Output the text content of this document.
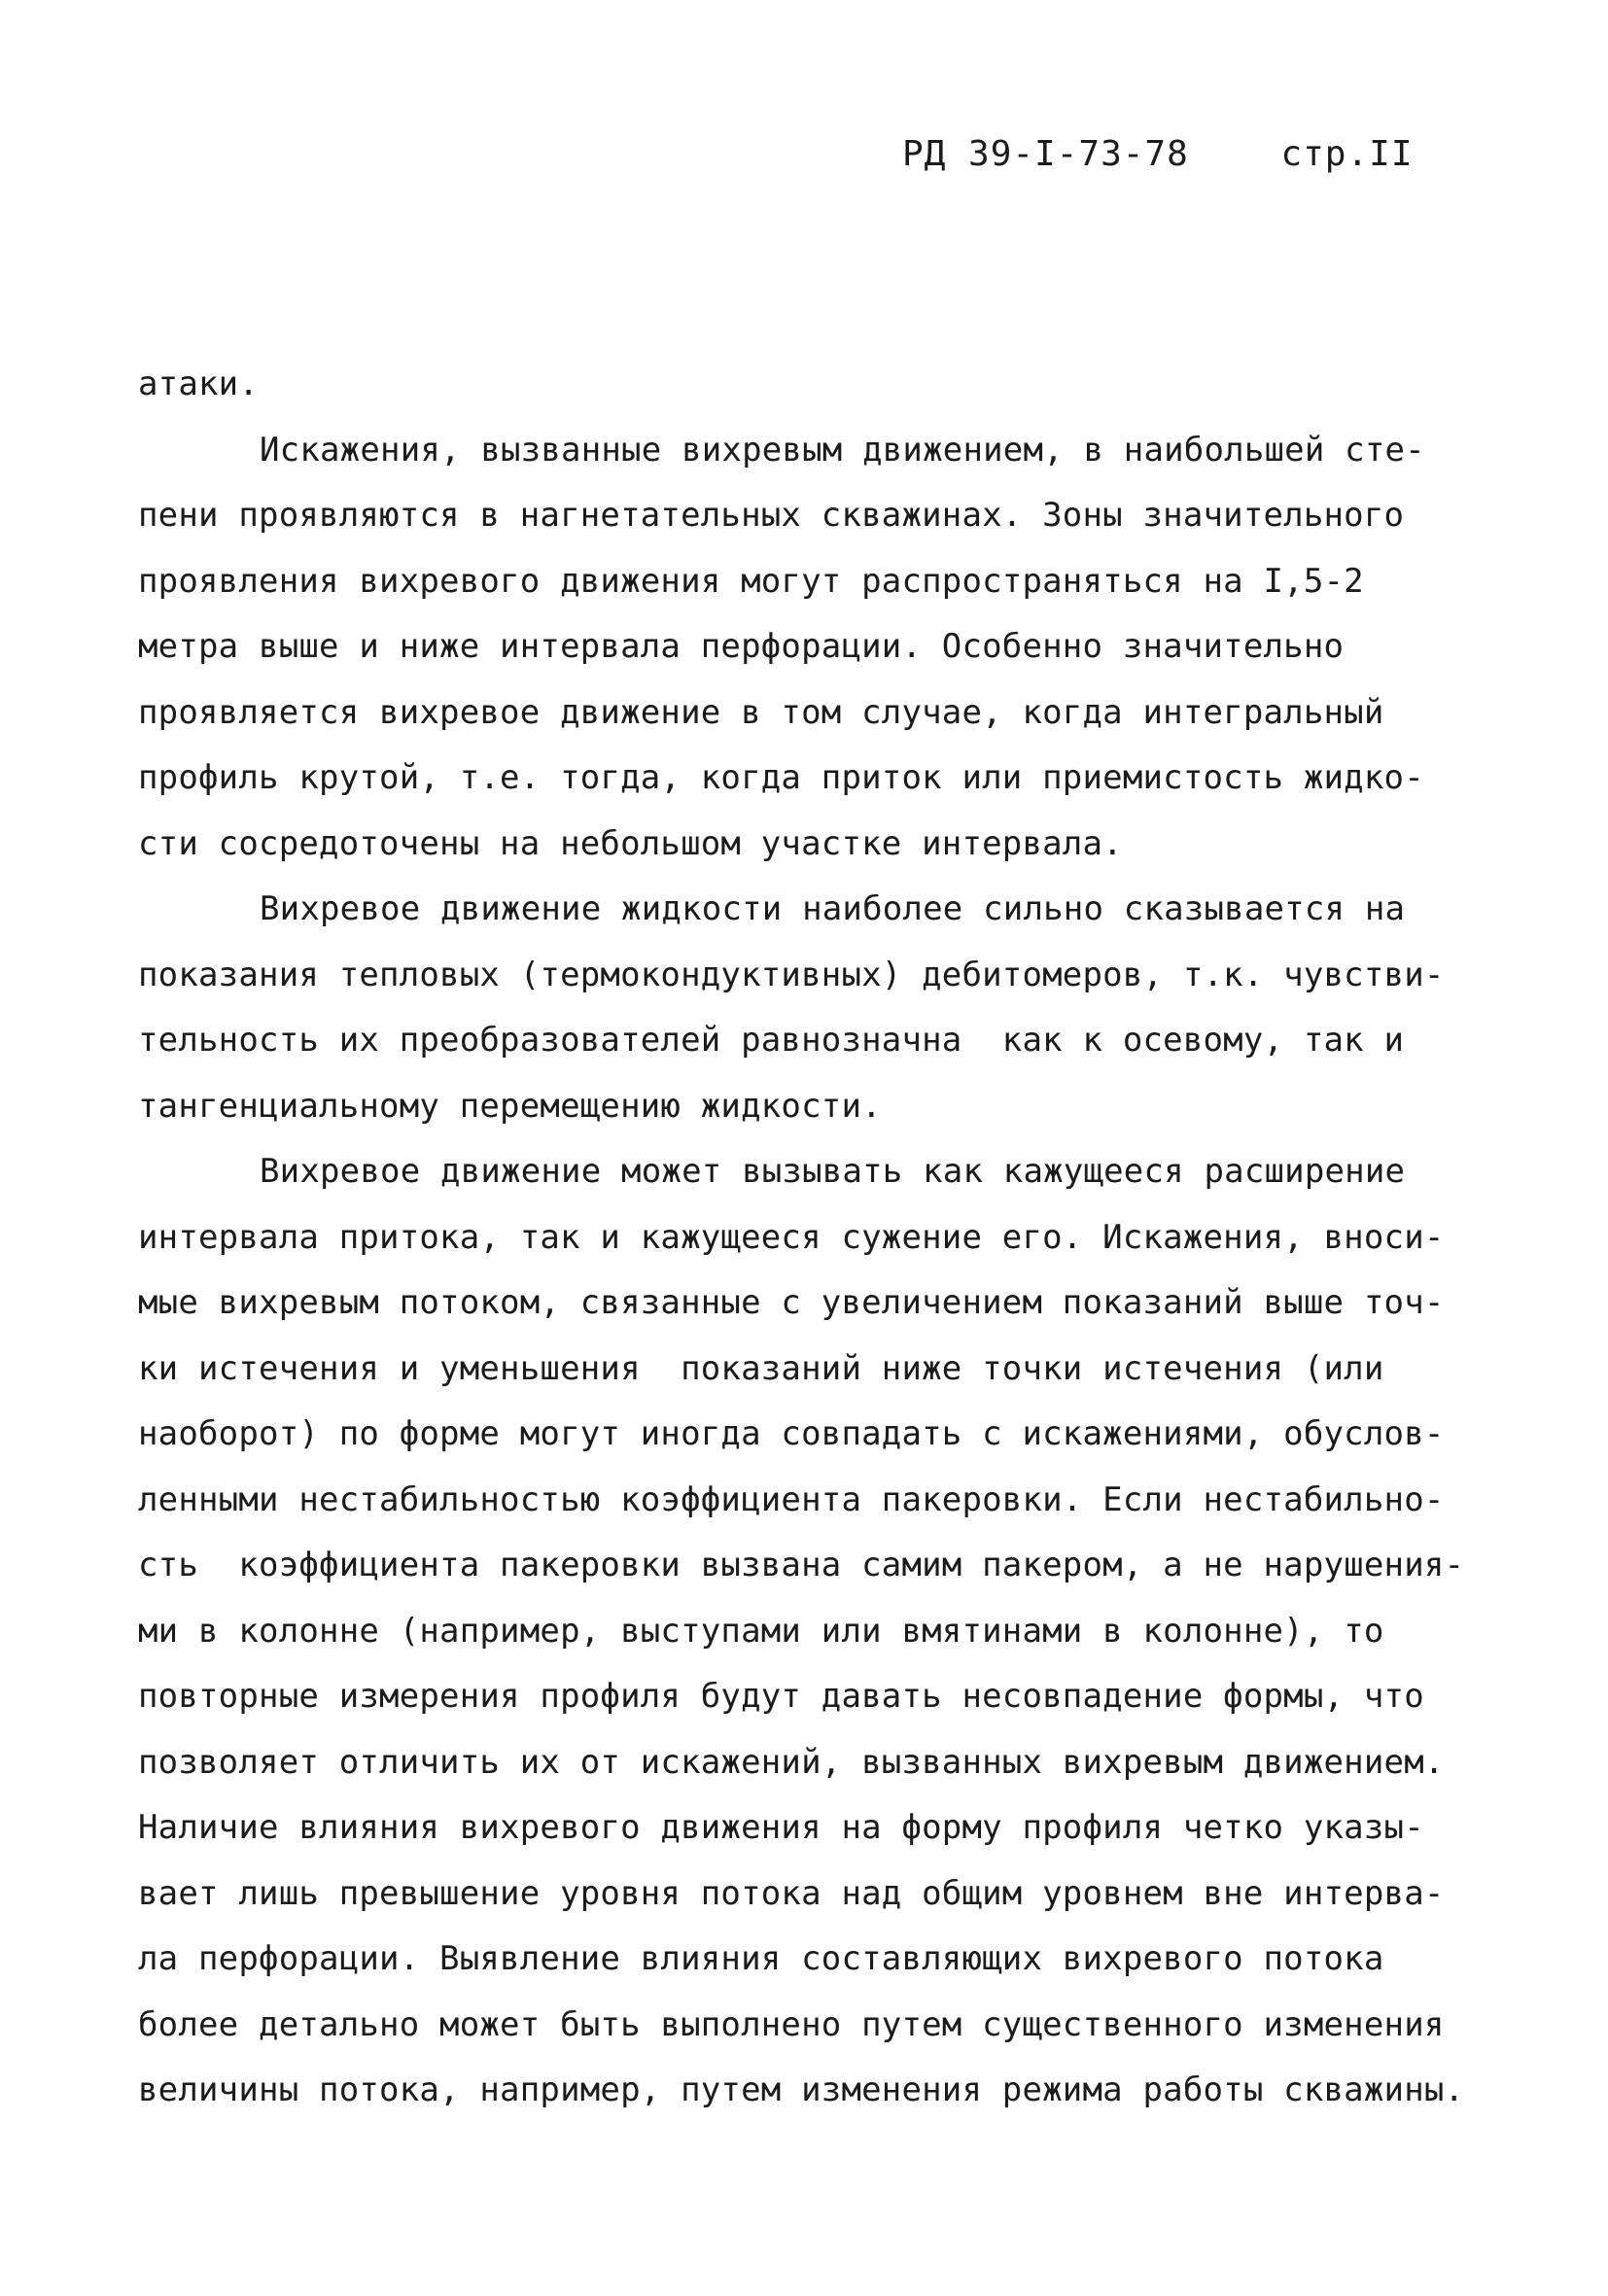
РД 39-I-73-78	стр.II
атаки.
Искажения, вызванные вихревым движением, в наибольшей сте-
пени проявляются в нагнетательных скважинах. Зоны значительного
проявления вихревого движения могут распространяться на I,5-2
метра выше и ниже интервала перфорации. Особенно значительно
проявляется вихревое движение в том случае, когда интегральный
профиль крутой, т.е. тогда, когда приток или приемистость жидко-
сти сосредоточены на небольшом участке интервала.
Вихревое движение жидкости наиболее сильно сказывается на
показания тепловых (термокондуктивных) дебитомеров, т.к. чувстви-
тельность их преобразователей равнозначна  как к осевому, так и
тангенциальному перемещению жидкости.
Вихревое движение может вызывать как кажущееся расширение
интервала притока, так и кажущееся сужение его. Искажения, вноси-
мые вихревым потоком, связанные с увеличением показаний выше точ-
ки истечения и уменьшения  показаний ниже точки истечения (или
наоборот) по форме могут иногда совпадать с искажениями, обуслов-
ленными нестабильностью коэффициента пакеровки. Если нестабильно-
сть  коэффициента пакеровки вызвана самим пакером, а не нарушения-
ми в колонне (например, выступами или вмятинами в колонне), то
повторные измерения профиля будут давать несовпадение формы, что
позволяет отличить их от искажений, вызванных вихревым движением.
Наличие влияния вихревого движения на форму профиля четко указы-
вает лишь превышение уровня потока над общим уровнем вне интерва-
ла перфорации. Выявление влияния составляющих вихревого потока
более детально может быть выполнено путем существенного изменения
величины потока, например, путем изменения режима работы скважины.
